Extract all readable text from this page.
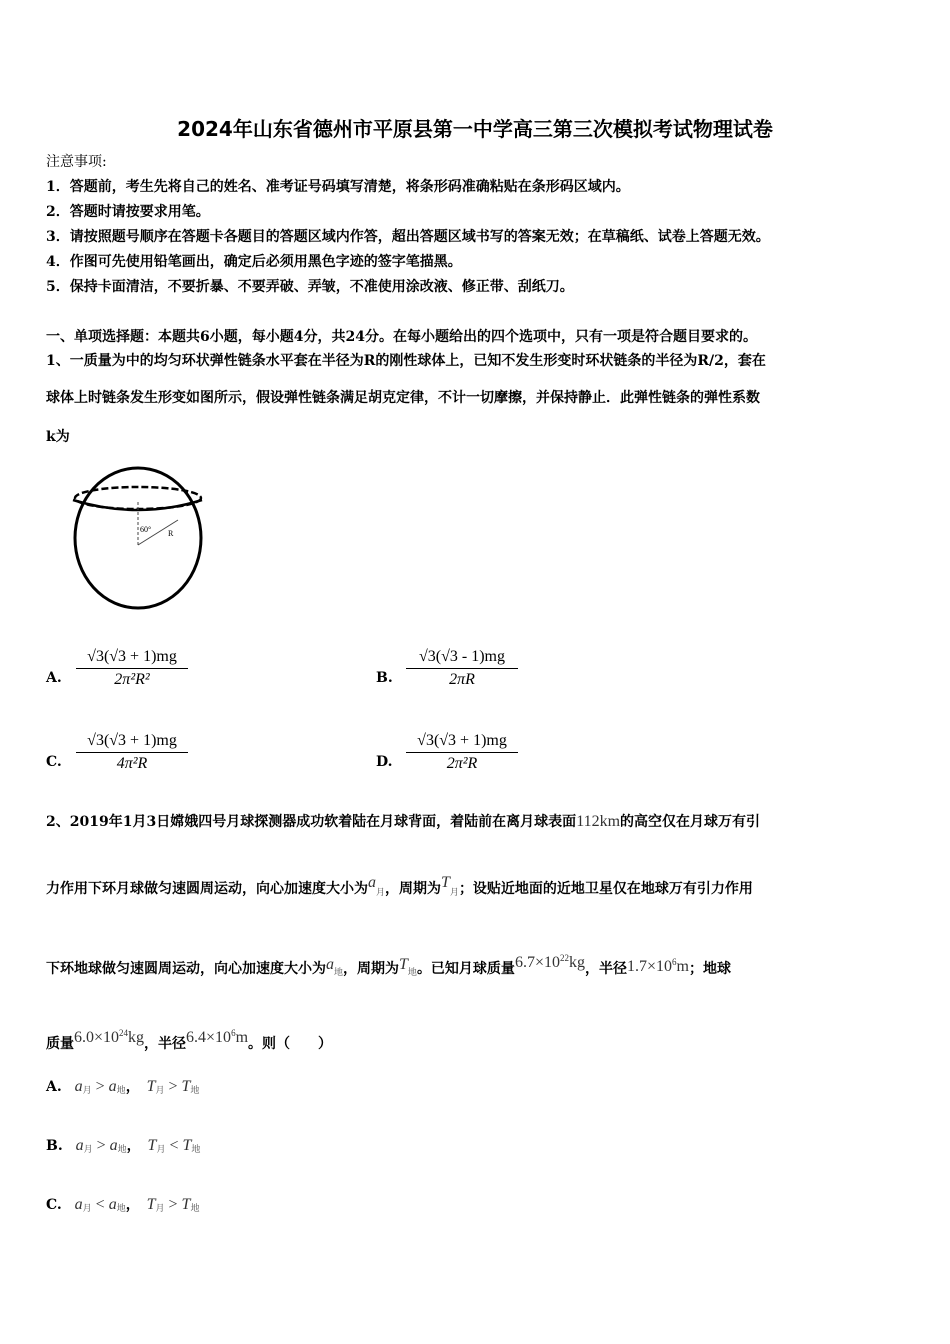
2024年山东省德州市平原县第一中学高三第三次模拟考试物理试卷
注意事项:
1．答题前，考生先将自己的姓名、准考证号码填写清楚，将条形码准确粘贴在条形码区域内。
2．答题时请按要求用笔。
3．请按照题号顺序在答题卡各题目的答题区域内作答，超出答题区域书写的答案无效；在草稿纸、试卷上答题无效。
4．作图可先使用铅笔画出，确定后必须用黑色字迹的签字笔描黑。
5．保持卡面清洁，不要折暴、不要弄破、弄皱，不准使用涂改液、修正带、刮纸刀。
一、单项选择题：本题共6小题，每小题4分，共24分。在每小题给出的四个选项中，只有一项是符合题目要求的。
1、一质量为中的均匀环状弹性链条水平套在半径为R的刚性球体上，已知不发生形变时环状链条的半径为R/2，套在
球体上时链条发生形变如图所示，假设弹性链条满足胡克定律，不计一切摩擦，并保持静止．此弹性链条的弹性系数
k为
60° R
A.
√3(√3 + 1)mg
2π²R²	B.
√3(√3 - 1)mg
2πR
C.
√3(√3 + 1)mg
4π²R	D.
√3(√3 + 1)mg
2π²R
2、2019年1月3日嫦娥四号月球探测器成功软着陆在月球背面，着陆前在离月球表面112km的高空仅在月球万有引
力作用下环月球做匀速圆周运动，向心加速度大小为$a_月$，周期为$T_月$；设贴近地面的近地卫星仅在地球万有引力作用
下环地球做匀速圆周运动，向心加速度大小为$a_地$，周期为$T_地$。已知月球质量$6.7\times 10^{22}kg$，半径$1.7\times 10^6m$；地球
质量$6.0\times 10^{24}kg$，半径$6.4\times 10^6m$。则（　　）
A. $a_月 > a_地$， $T_月 > T_地$
B. $a_月 > a_地$， $T_月 < T_地$
C. $a_月 < a_地$， $T_月 > T_地$
